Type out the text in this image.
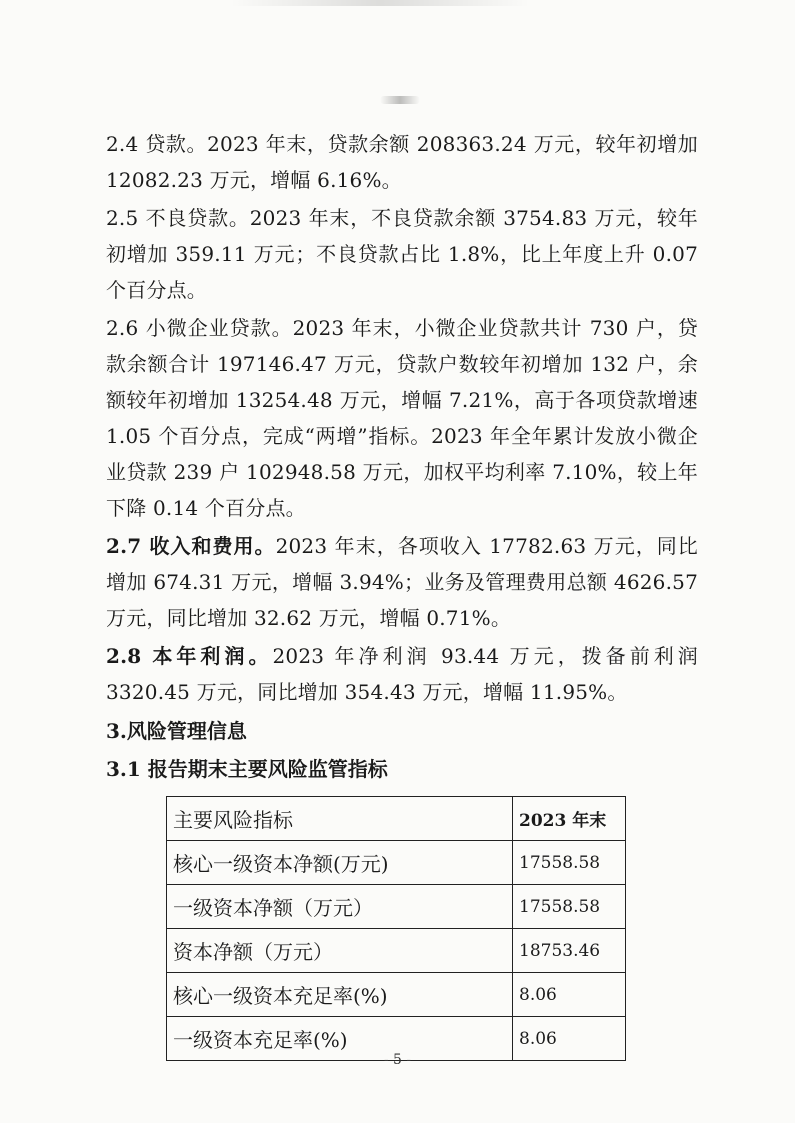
2.4 贷款。2023 年末，贷款余额 208363.24 万元，较年初增加 12082.23 万元，增幅 6.16%。

2.5 不良贷款。2023 年末，不良贷款余额 3754.83 万元，较年初增加 359.11 万元；不良贷款占比 1.8%，比上年度上升 0.07 个百分点。

2.6 小微企业贷款。2023 年末，小微企业贷款共计 730 户，贷款余额合计 197146.47 万元，贷款户数较年初增加 132 户，余额较年初增加 13254.48 万元，增幅 7.21%，高于各项贷款增速 1.05 个百分点，完成“两增”指标。2023 年全年累计发放小微企业贷款 239 户 102948.58 万元，加权平均利率 7.10%，较上年下降 0.14 个百分点。

2.7 收入和费用。2023 年末，各项收入 17782.63 万元，同比增加 674.31 万元，增幅 3.94%；业务及管理费用总额 4626.57 万元，同比增加 32.62 万元，增幅 0.71%。

2.8 本年利润。2023 年净利润 93.44 万元，拨备前利润 3320.45 万元，同比增加 354.43 万元，增幅 11.95%。

3.风险管理信息

3.1 报告期末主要风险监管指标

主要风险指标	2023 年末
核心一级资本净额(万元)	17558.58
一级资本净额（万元）	17558.58
资本净额（万元）	18753.46
核心一级资本充足率(%)	8.06
一级资本充足率(%)	8.06
- 5 -
